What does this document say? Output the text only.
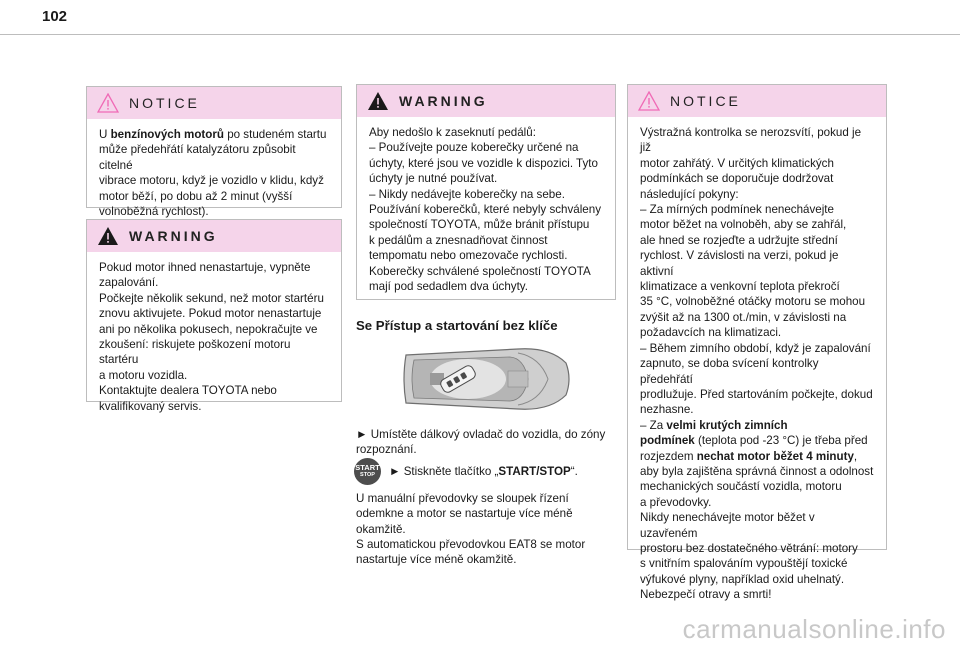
102
NOTICE

U benzínových motorů po studeném startu

může předehřátí katalyzátoru způsobit citelné

vibrace motoru, když je vozidlo v klidu, když

motor běží, po dobu až 2 minut (vyšší

volnoběžná rychlost).

WARNING

Pokud motor ihned nenastartuje, vypněte

zapalování.

Počkejte několik sekund, než motor startéru

znovu aktivujete. Pokud motor nenastartuje

ani po několika pokusech, nepokračujte ve

zkoušení: riskujete poškození motoru startéru

a motoru vozidla.

Kontaktujte dealera TOYOTA nebo

kvalifikovaný servis.

WARNING

Aby nedošlo k zaseknutí pedálů:

– Používejte pouze koberečky určené na

úchyty, které jsou ve vozidle k dispozici. Tyto

úchyty je nutné používat.

– Nikdy nedávejte koberečky na sebe.

Používání koberečků, které nebyly schváleny

společností TOYOTA, může bránit přístupu

k pedálům a znesnadňovat činnost

tempomatu nebo omezovače rychlosti.

Koberečky schválené společností TOYOTA

mají pod sedadlem dva úchyty.

Se Přístup a startování bez klíče

► Umístěte dálkový ovladač do vozidla, do zóny

rozpoznání.

START
STOP ► Stiskněte tlačítko „START/STOP“.

U manuální převodovky se sloupek řízení

odemkne a motor se nastartuje více méně

okamžitě.

S automatickou převodovkou EAT8 se motor

nastartuje více méně okamžitě.

NOTICE

Výstražná kontrolka se nerozsvítí, pokud je již

motor zahřátý. V určitých klimatických

podmínkách se doporučuje dodržovat

následující pokyny:

– Za mírných podmínek nenechávejte

motor běžet na volnoběh, aby se zahřál,

ale hned se rozjeďte a udržujte střední

rychlost. V závislosti na verzi, pokud je aktivní

klimatizace a venkovní teplota překročí

35 °C, volnoběžné otáčky motoru se mohou

zvýšit až na 1300 ot./min, v závislosti na

požadavcích na klimatizaci.

– Během zimního období, když je zapalování

zapnuto, se doba svícení kontrolky předehřátí

prodlužuje. Před startováním počkejte, dokud

nezhasne.

– Za velmi krutých zimních

podmínek (teplota pod -23 °C) je třeba před

rozjezdem nechat motor běžet 4 minuty,

aby byla zajištěna správná činnost a odolnost

mechanických součástí vozidla, motoru

a převodovky.

Nikdy nenechávejte motor běžet v uzavřeném

prostoru bez dostatečného větrání: motory

s vnitřním spalováním vypouštějí toxické

výfukové plyny, například oxid uhelnatý.

Nebezpečí otravy a smrti!

carmanualsonline.info
